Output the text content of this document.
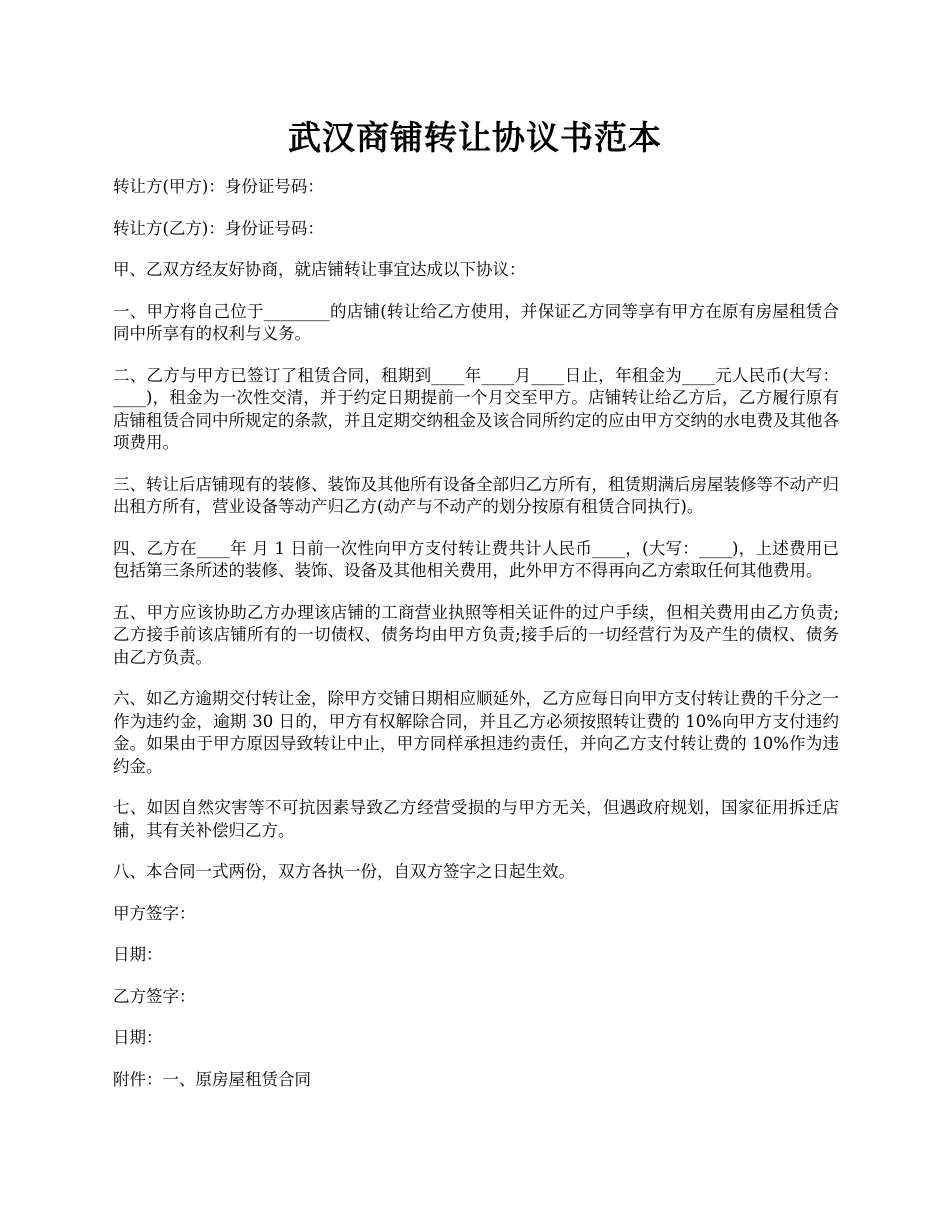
武汉商铺转让协议书范本

转让方(甲方)：身份证号码：

转让方(乙方)：身份证号码：

甲、乙双方经友好协商，就店铺转让事宜达成以下协议：

一、甲方将自己位于________的店铺(转让给乙方使用，并保证乙方同等享有甲方在原有房屋租赁合同中所享有的权利与义务。

二、乙方与甲方已签订了租赁合同，租期到____年____月____日止，年租金为____元人民币(大写：____)，租金为一次性交清，并于约定日期提前一个月交至甲方。店铺转让给乙方后，乙方履行原有店铺租赁合同中所规定的条款，并且定期交纳租金及该合同所约定的应由甲方交纳的水电费及其他各项费用。

三、转让后店铺现有的装修、装饰及其他所有设备全部归乙方所有，租赁期满后房屋装修等不动产归出租方所有，营业设备等动产归乙方(动产与不动产的划分按原有租赁合同执行)。

四、乙方在____年 月 1 日前一次性向甲方支付转让费共计人民币____，(大写：____)，上述费用已包括第三条所述的装修、装饰、设备及其他相关费用，此外甲方不得再向乙方索取任何其他费用。

五、甲方应该协助乙方办理该店铺的工商营业执照等相关证件的过户手续，但相关费用由乙方负责;乙方接手前该店铺所有的一切债权、债务均由甲方负责;接手后的一切经营行为及产生的债权、债务由乙方负责。

六、如乙方逾期交付转让金，除甲方交铺日期相应顺延外，乙方应每日向甲方支付转让费的千分之一作为违约金，逾期 30 日的，甲方有权解除合同，并且乙方必须按照转让费的 10%向甲方支付违约金。如果由于甲方原因导致转让中止，甲方同样承担违约责任，并向乙方支付转让费的 10%作为违约金。

七、如因自然灾害等不可抗因素导致乙方经营受损的与甲方无关，但遇政府规划，国家征用拆迁店铺，其有关补偿归乙方。

八、本合同一式两份，双方各执一份，自双方签字之日起生效。

甲方签字：

日期：

乙方签字：

日期：

附件：一、原房屋租赁合同
